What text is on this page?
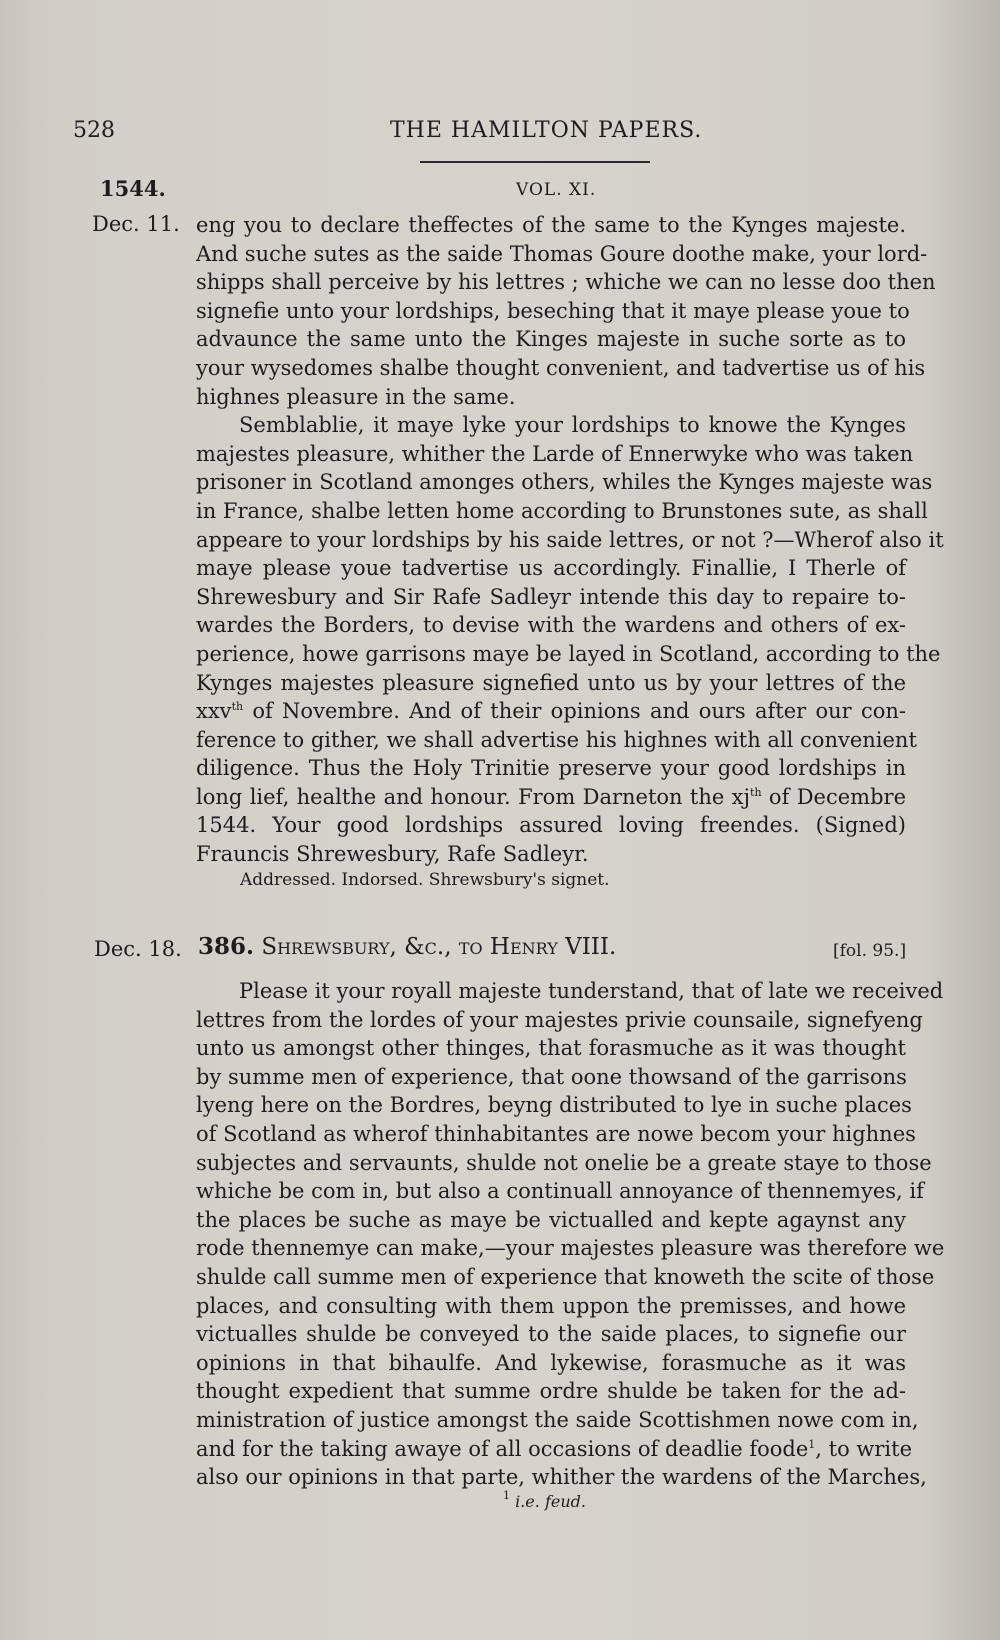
528	THE HAMILTON PAPERS.
1544.	VOL. XI.
Dec. 11. eng you to declare theffectes of the same to the Kynges majeste.
And suche sutes as the saide Thomas Goure doothe make, your lord-
shipps shall perceive by his lettres ; whiche we can no lesse doo then
signefie unto your lordships, beseching that it maye please youe to
advaunce the same unto the Kinges majeste in suche sorte as to
your wysedomes shalbe thought convenient, and tadvertise us of his
highnes pleasure in the same.
Semblablie, it maye lyke your lordships to knowe the Kynges
majestes pleasure, whither the Larde of Ennerwyke who was taken
prisoner in Scotland amonges others, whiles the Kynges majeste was
in France, shalbe letten home according to Brunstones sute, as shall
appeare to your lordships by his saide lettres, or not ?—Wherof also it
maye please youe tadvertise us accordingly. Finallie, I Therle of
Shrewesbury and Sir Rafe Sadleyr intende this day to repaire to-
wardes the Borders, to devise with the wardens and others of ex-
perience, howe garrisons maye be layed in Scotland, according to the
Kynges majestes pleasure signefied unto us by your lettres of the
xxv$^{th}$ of Novembre. And of their opinions and ours after our con-
ference to gither, we shall advertise his highnes with all convenient
diligence. Thus the Holy Trinitie preserve your good lordships in
long lief, healthe and honour. From Darneton the $xj^{th}$ of Decembre
1544. Your good lordships assured loving freendes. (Signed)
Frauncis Shrewesbury, Rafe Sadleyr.
Addressed. Indorsed. Shrewsbury's signet.
Dec. 18. 386. Shrewsbury, &c., to Henry VIII.	[fol. 95.]
Please it your royall majeste tunderstand, that of late we received
lettres from the lordes of your majestes privie counsaile, signefyeng
unto us amongst other thinges, that forasmuche as it was thought
by summe men of experience, that oone thowsand of the garrisons
lyeng here on the Bordres, beyng distributed to lye in suche places
of Scotland as wherof thinhabitantes are nowe becom your highnes
subjectes and servaunts, shulde not onelie be a greate staye to those
whiche be com in, but also a continuall annoyance of thennemyes, if
the places be suche as maye be victualled and kepte agaynst any
rode thennemye can make,—your majestes pleasure was therefore we
shulde call summe men of experience that knoweth the scite of those
places, and consulting with them uppon the premisses, and howe
victualles shulde be conveyed to the saide places, to signefie our
opinions in that bihaulfe. And lykewise, forasmuche as it was
thought expedient that summe ordre shulde be taken for the ad-
ministration of justice amongst the saide Scottishmen nowe com in,
and for the taking awaye of all occasions of deadlie foode$^1$, to write
also our opinions in that parte, whither the wardens of the Marches,
$^1$ i.e. feud.
